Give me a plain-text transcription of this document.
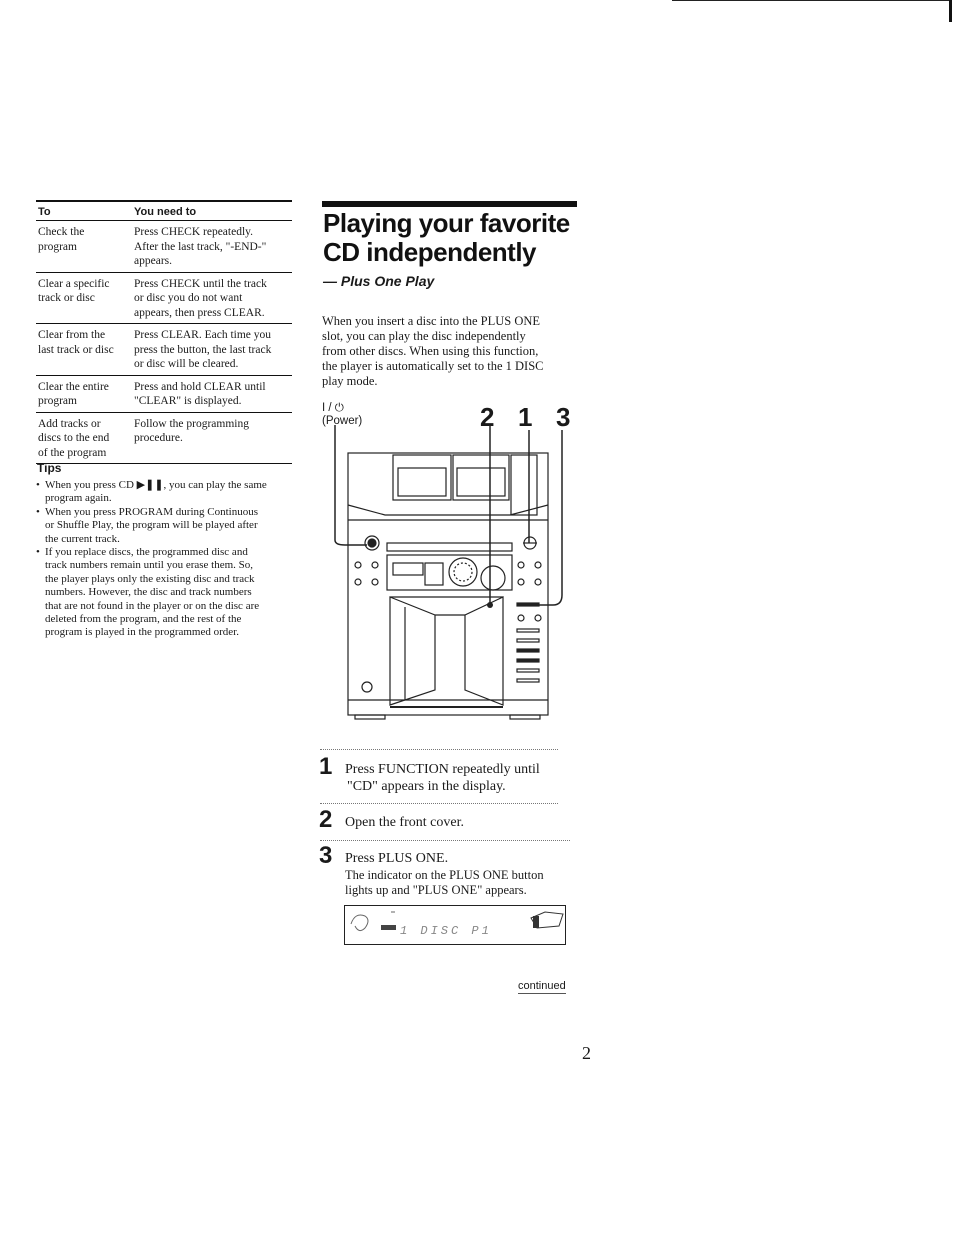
To	You need to
Check the
program
Press CHECK repeatedly.
After the last track, "-END-"
appears.
Clear a specific
track or disc
Press CHECK until the track
or disc you do not want
appears, then press CLEAR.
Clear from the
last track or disc
Press CLEAR. Each time you
press the button, the last track
or disc will be cleared.
Clear the entire
program
Press and hold CLEAR until
"CLEAR" is displayed.
Add tracks or
discs to the end
of the program
Follow the programming
procedure.
Tips
• When you press CD ▶❚❚, you can play the same
program again.
• When you press PROGRAM during Continuous
or Shuffle Play, the program will be played after
the current track.
• If you replace discs, the programmed disc and
track numbers remain until you erase them. So,
the player plays only the existing disc and track
numbers. However, the disc and track numbers
that are not found in the player or on the disc are
deleted from the program, and the rest of the
program is played in the programmed order.
Playing your favorite
CD independently
— Plus One Play
When you insert a disc into the PLUS ONE
slot, you can play the disc independently
from other discs. When using this function,
the player is automatically set to the 1 DISC
play mode.
I / ⏻
(Power)	2 1 3
1 Press FUNCTION repeatedly until
"CD" appears in the display.
2 Open the front cover.
3 Press PLUS ONE.
The indicator on the PLUS ONE button
lights up and "PLUS ONE" appears.
1 DISC P1
continued
2
